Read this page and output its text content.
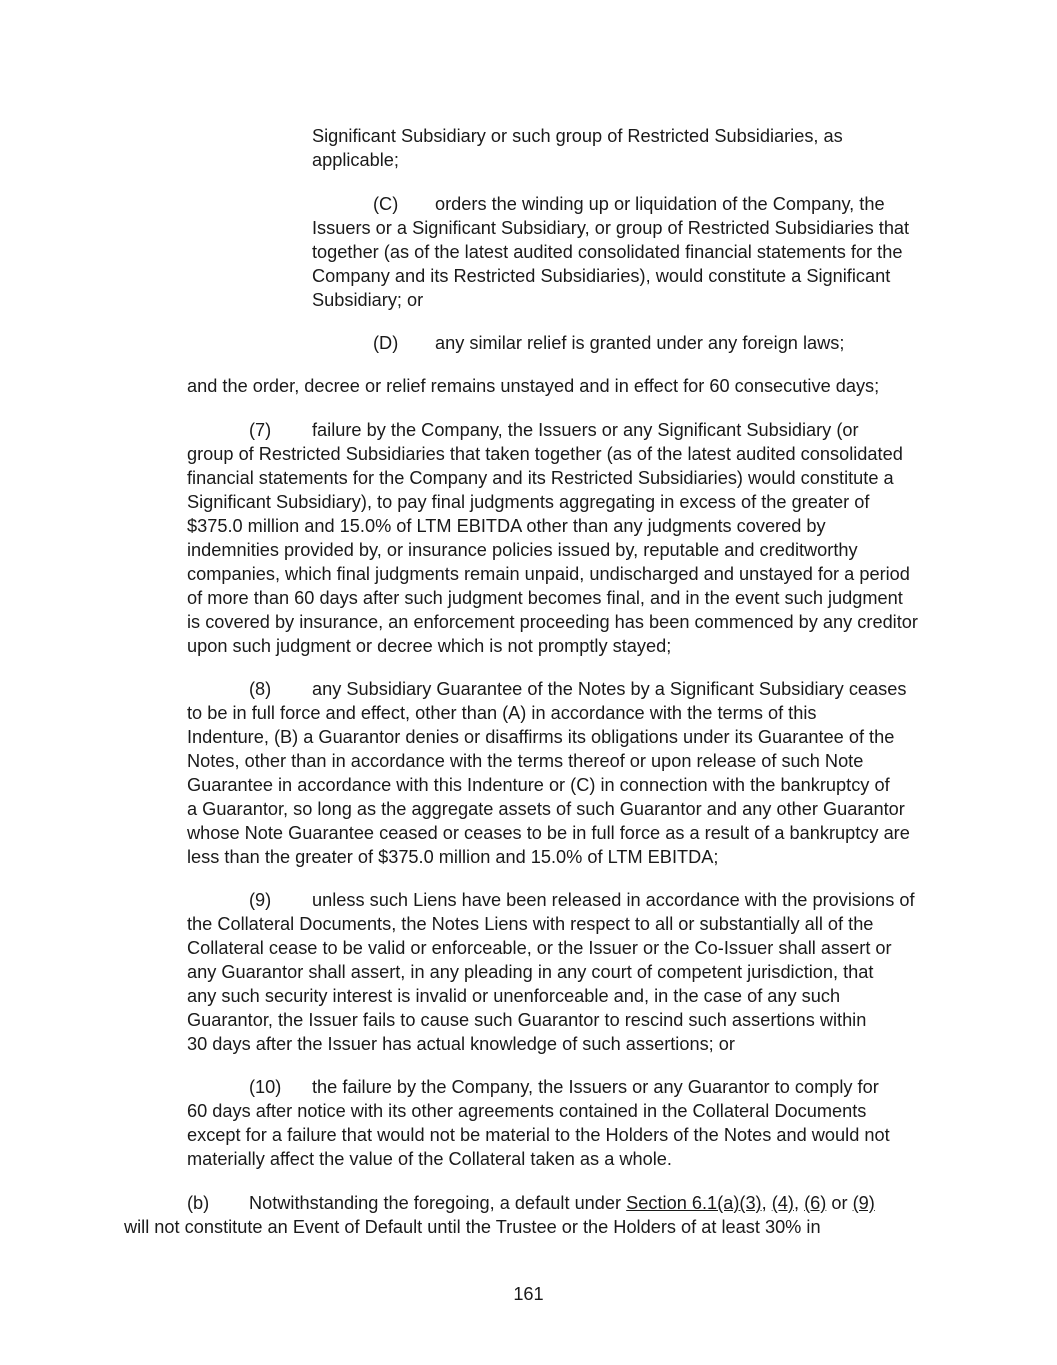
Significant Subsidiary or such group of Restricted Subsidiaries, as
applicable;
(C) orders the winding up or liquidation of the Company, the
Issuers or a Significant Subsidiary, or group of Restricted Subsidiaries that
together (as of the latest audited consolidated financial statements for the
Company and its Restricted Subsidiaries), would constitute a Significant
Subsidiary; or
(D) any similar relief is granted under any foreign laws;
and the order, decree or relief remains unstayed and in effect for 60 consecutive days;
(7) failure by the Company, the Issuers or any Significant Subsidiary (or
group of Restricted Subsidiaries that taken together (as of the latest audited consolidated
financial statements for the Company and its Restricted Subsidiaries) would constitute a
Significant Subsidiary), to pay final judgments aggregating in excess of the greater of
$375.0 million and 15.0% of LTM EBITDA other than any judgments covered by
indemnities provided by, or insurance policies issued by, reputable and creditworthy
companies, which final judgments remain unpaid, undischarged and unstayed for a period
of more than 60 days after such judgment becomes final, and in the event such judgment
is covered by insurance, an enforcement proceeding has been commenced by any creditor
upon such judgment or decree which is not promptly stayed;
(8) any Subsidiary Guarantee of the Notes by a Significant Subsidiary ceases
to be in full force and effect, other than (A) in accordance with the terms of this
Indenture, (B) a Guarantor denies or disaffirms its obligations under its Guarantee of the
Notes, other than in accordance with the terms thereof or upon release of such Note
Guarantee in accordance with this Indenture or (C) in connection with the bankruptcy of
a Guarantor, so long as the aggregate assets of such Guarantor and any other Guarantor
whose Note Guarantee ceased or ceases to be in full force as a result of a bankruptcy are
less than the greater of $375.0 million and 15.0% of LTM EBITDA;
(9) unless such Liens have been released in accordance with the provisions of
the Collateral Documents, the Notes Liens with respect to all or substantially all of the
Collateral cease to be valid or enforceable, or the Issuer or the Co-Issuer shall assert or
any Guarantor shall assert, in any pleading in any court of competent jurisdiction, that
any such security interest is invalid or unenforceable and, in the case of any such
Guarantor, the Issuer fails to cause such Guarantor to rescind such assertions within
30 days after the Issuer has actual knowledge of such assertions; or
(10) the failure by the Company, the Issuers or any Guarantor to comply for
60 days after notice with its other agreements contained in the Collateral Documents
except for a failure that would not be material to the Holders of the Notes and would not
materially affect the value of the Collateral taken as a whole.
(b) Notwithstanding the foregoing, a default under Section 6.1(a)(3), (4), (6) or (9)
will not constitute an Event of Default until the Trustee or the Holders of at least 30% in
161
